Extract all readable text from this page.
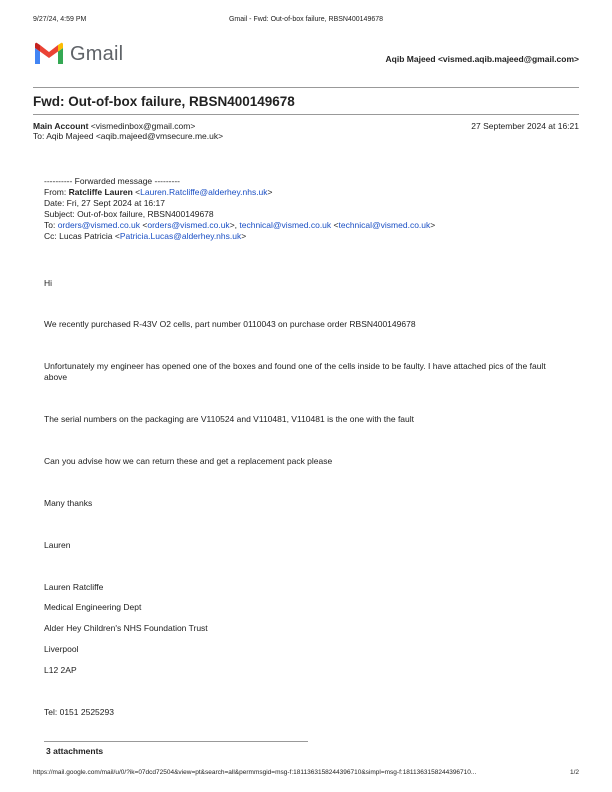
9/27/24, 4:59 PM	Gmail - Fwd: Out-of-box failure, RBSN400149678
Gmail	Aqib Majeed <vismed.aqib.majeed@gmail.com>
Fwd: Out-of-box failure, RBSN400149678
Main Account <vismedinbox@gmail.com>	27 September 2024 at 16:21
To: Aqib Majeed <aqib.majeed@vmsecure.me.uk>
---------- Forwarded message ---------
From: Ratcliffe Lauren <Lauren.Ratcliffe@alderhey.nhs.uk>
Date: Fri, 27 Sept 2024 at 16:17
Subject: Out-of-box failure, RBSN400149678
To: orders@vismed.co.uk <orders@vismed.co.uk>, technical@vismed.co.uk <technical@vismed.co.uk>
Cc: Lucas Patricia <Patricia.Lucas@alderhey.nhs.uk>
Hi
We recently purchased R-43V O2 cells, part number 0110043 on purchase order RBSN400149678
Unfortunately my engineer has opened one of the boxes and found one of the cells inside to be faulty. I have attached pics of the fault above
The serial numbers on the packaging are V110524 and V110481, V110481 is the one with the fault
Can you advise how we can return these and get a replacement pack please
Many thanks
Lauren
Lauren Ratcliffe
Medical Engineering Dept
Alder Hey Children's NHS Foundation Trust
Liverpool
L12 2AP
Tel: 0151 2525293
3 attachments
https://mail.google.com/mail/u/0/?ik=07dcd72504&view=pt&search=all&permmsgid=msg-f:1811363158244396710&simpl=msg-f:1811363158244396710...	1/2
